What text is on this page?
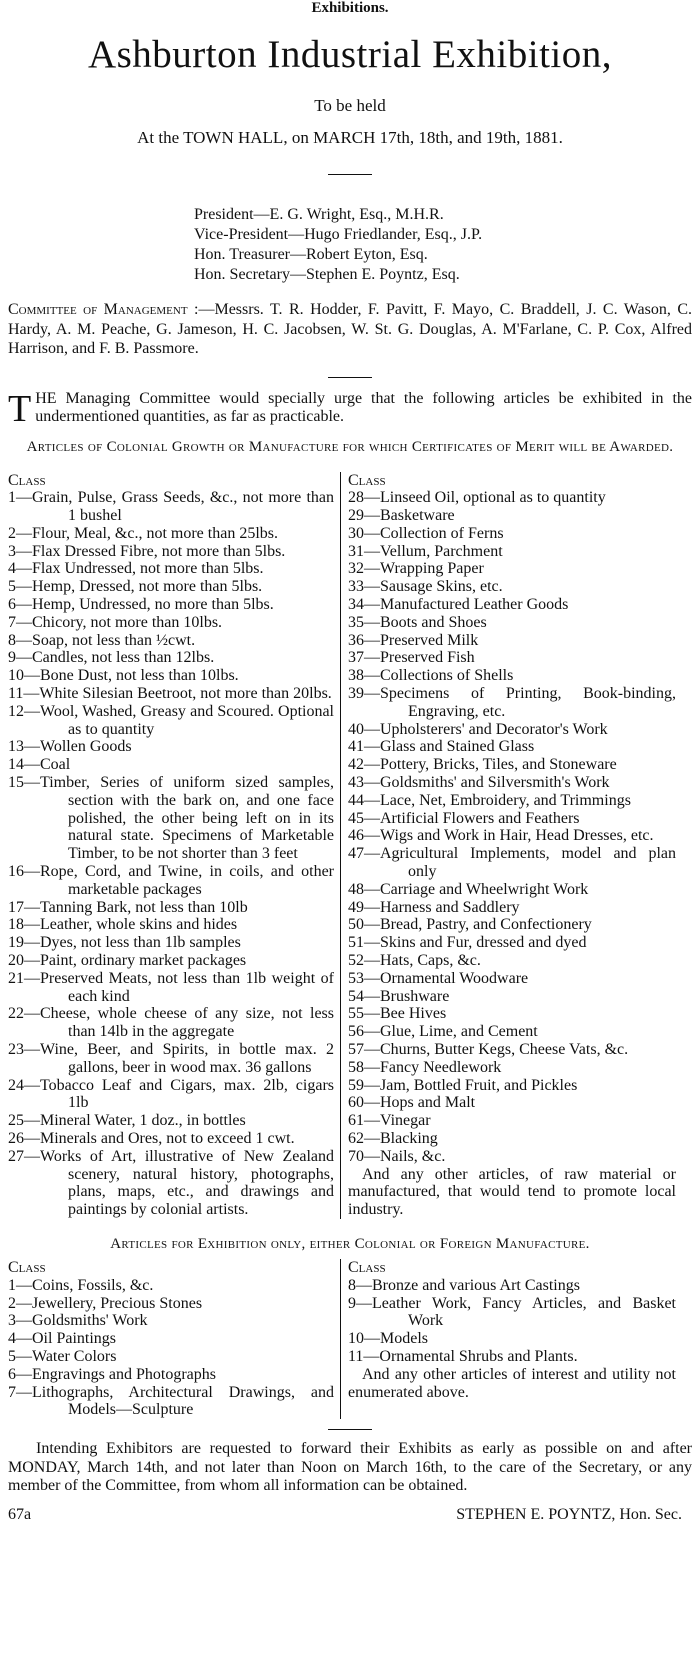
Exhibitions.
Ashburton Industrial Exhibition,
To be held
At the TOWN HALL, on MARCH 17th, 18th, and 19th, 1881.
President—E. G. Wright, Esq., M.H.R.
Vice-President—Hugo Friedlander, Esq., J.P.
Hon. Treasurer—Robert Eyton, Esq.
Hon. Secretary—Stephen E. Poyntz, Esq.
Committee of Management :—Messrs. T. R. Hodder, F. Pavitt, F. Mayo, C. Braddell, J. C. Wason, C. Hardy, A. M. Peache, G. Jameson, H. C. Jacobsen, W. St. G. Douglas, A. M'Farlane, C. P. Cox, Alfred Harrison, and F. B. Passmore.
T HE Managing Committee would specially urge that the following articles be exhibited in the undermentioned quantities, as far as practicable.
Articles of Colonial Growth or Manufacture for which Certificates of Merit will be Awarded.
Class
1—Grain, Pulse, Grass Seeds, &c., not more than 1 bushel
2—Flour, Meal, &c., not more than 25lbs.
3—Flax Dressed Fibre, not more than 5lbs.
4—Flax Undressed, not more than 5lbs.
5—Hemp, Dressed, not more than 5lbs.
6—Hemp, Undressed, no more than 5lbs.
7—Chicory, not more than 10lbs.
8—Soap, not less than ½cwt.
9—Candles, not less than 12lbs.
10—Bone Dust, not less than 10lbs.
11—White Silesian Beetroot, not more than 20lbs.
12—Wool, Washed, Greasy and Scoured. Optional as to quantity
13—Wollen Goods
14—Coal
15—Timber, Series of uniform sized samples, section with the bark on, and one face polished, the other being left on in its natural state. Specimens of Marketable Timber, to be not shorter than 3 feet
16—Rope, Cord, and Twine, in coils, and other marketable packages
17—Tanning Bark, not less than 10lb
18—Leather, whole skins and hides
19—Dyes, not less than 1lb samples
20—Paint, ordinary market packages
21—Preserved Meats, not less than 1lb weight of each kind
22—Cheese, whole cheese of any size, not less than 14lb in the aggregate
23—Wine, Beer, and Spirits, in bottle max. 2 gallons, beer in wood max. 36 gallons
24—Tobacco Leaf and Cigars, max. 2lb, cigars 1lb
25—Mineral Water, 1 doz., in bottles
26—Minerals and Ores, not to exceed 1 cwt.
27—Works of Art, illustrative of New Zealand scenery, natural history, photographs, plans, maps, etc., and drawings and paintings by colonial artists.
Class
28—Linseed Oil, optional as to quantity
29—Basketware
30—Collection of Ferns
31—Vellum, Parchment
32—Wrapping Paper
33—Sausage Skins, etc.
34—Manufactured Leather Goods
35—Boots and Shoes
36—Preserved Milk
37—Preserved Fish
38—Collections of Shells
39—Specimens of Printing, Book-binding, Engraving, etc.
40—Upholsterers' and Decorator's Work
41—Glass and Stained Glass
42—Pottery, Bricks, Tiles, and Stoneware
43—Goldsmiths' and Silversmith's Work
44—Lace, Net, Embroidery, and Trimmings
45—Artificial Flowers and Feathers
46—Wigs and Work in Hair, Head Dresses, etc.
47—Agricultural Implements, model and plan only
48—Carriage and Wheelwright Work
49—Harness and Saddlery
50—Bread, Pastry, and Confectionery
51—Skins and Fur, dressed and dyed
52—Hats, Caps, &c.
53—Ornamental Woodware
54—Brushware
55—Bee Hives
56—Glue, Lime, and Cement
57—Churns, Butter Kegs, Cheese Vats, &c.
58—Fancy Needlework
59—Jam, Bottled Fruit, and Pickles
60—Hops and Malt
61—Vinegar
62—Blacking
70—Nails, &c.
And any other articles, of raw material or manufactured, that would tend to promote local industry.
Articles for Exhibition only, either Colonial or Foreign Manufacture.
Class
1—Coins, Fossils, &c.
2—Jewellery, Precious Stones
3—Goldsmiths' Work
4—Oil Paintings
5—Water Colors
6—Engravings and Photographs
7—Lithographs, Architectural Drawings, and Models—Sculpture
Class
8—Bronze and various Art Castings
9—Leather Work, Fancy Articles, and Basket Work
10—Models
11—Ornamental Shrubs and Plants.
And any other articles of interest and utility not enumerated above.
Intending Exhibitors are requested to forward their Exhibits as early as possible on and after MONDAY, March 14th, and not later than Noon on March 16th, to the care of the Secretary, or any member of the Committee, from whom all information can be obtained.
67a	STEPHEN E. POYNTZ, Hon. Sec.
